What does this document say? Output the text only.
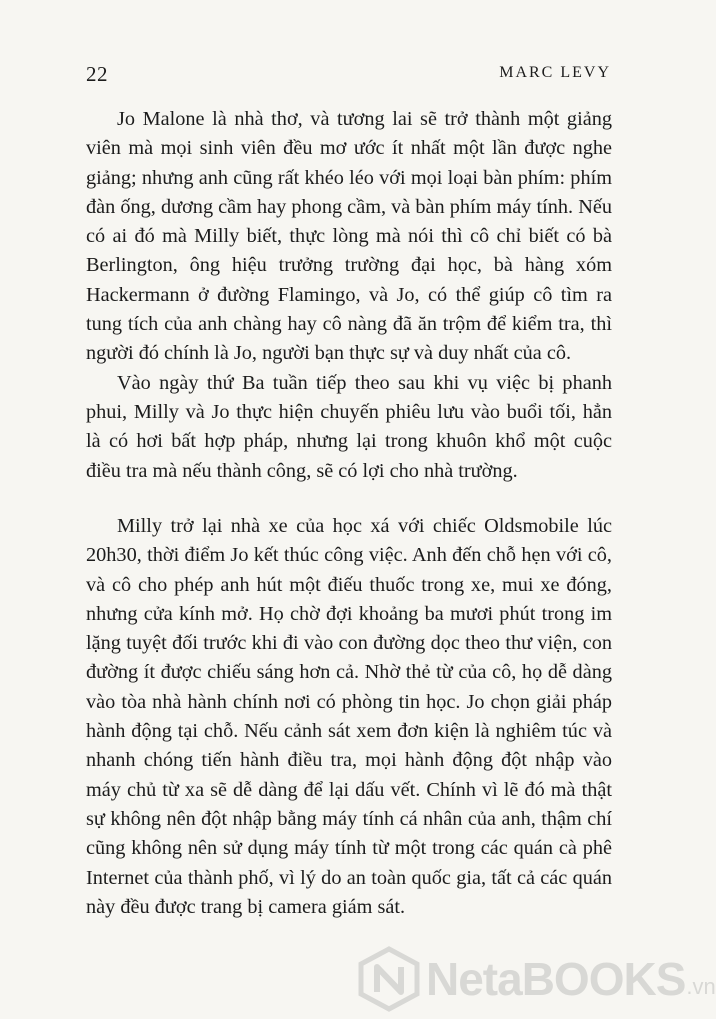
22	MARC LEVY

Jo Malone là nhà thơ, và tương lai sẽ trở thành một giảng viên mà mọi sinh viên đều mơ ước ít nhất một lần được nghe giảng; nhưng anh cũng rất khéo léo với mọi loại bàn phím: phím đàn ống, dương cầm hay phong cầm, và bàn phím máy tính. Nếu có ai đó mà Milly biết, thực lòng mà nói thì cô chỉ biết có bà Berlington, ông hiệu trưởng trường đại học, bà hàng xóm Hackermann ở đường Flamingo, và Jo, có thể giúp cô tìm ra tung tích của anh chàng hay cô nàng đã ăn trộm để kiểm tra, thì người đó chính là Jo, người bạn thực sự và duy nhất của cô.

Vào ngày thứ Ba tuần tiếp theo sau khi vụ việc bị phanh phui, Milly và Jo thực hiện chuyến phiêu lưu vào buổi tối, hẳn là có hơi bất hợp pháp, nhưng lại trong khuôn khổ một cuộc điều tra mà nếu thành công, sẽ có lợi cho nhà trường.

Milly trở lại nhà xe của học xá với chiếc Oldsmobile lúc 20h30, thời điểm Jo kết thúc công việc. Anh đến chỗ hẹn với cô, và cô cho phép anh hút một điếu thuốc trong xe, mui xe đóng, nhưng cửa kính mở. Họ chờ đợi khoảng ba mươi phút trong im lặng tuyệt đối trước khi đi vào con đường dọc theo thư viện, con đường ít được chiếu sáng hơn cả. Nhờ thẻ từ của cô, họ dễ dàng vào tòa nhà hành chính nơi có phòng tin học. Jo chọn giải pháp hành động tại chỗ. Nếu cảnh sát xem đơn kiện là nghiêm túc và nhanh chóng tiến hành điều tra, mọi hành động đột nhập vào máy chủ từ xa sẽ dễ dàng để lại dấu vết. Chính vì lẽ đó mà thật sự không nên đột nhập bằng máy tính cá nhân của anh, thậm chí cũng không nên sử dụng máy tính từ một trong các quán cà phê Internet của thành phố, vì lý do an toàn quốc gia, tất cả các quán này đều được trang bị camera giám sát.

NetaBOOKS .vn
